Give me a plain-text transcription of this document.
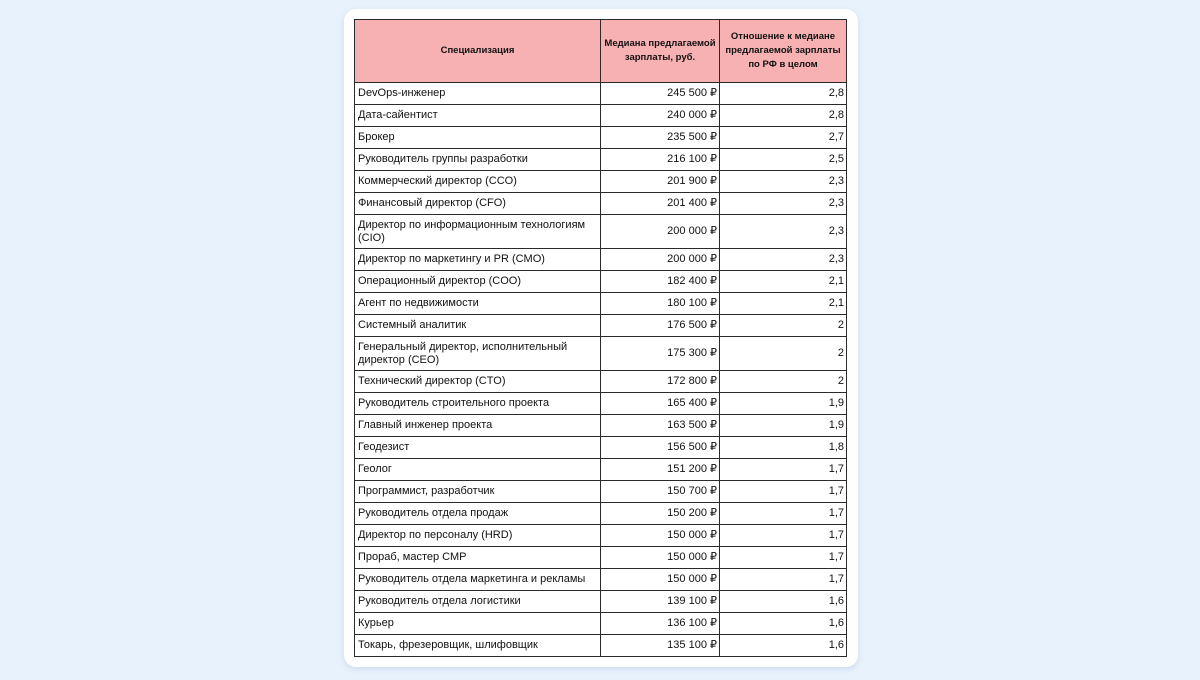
Специализация	Медиана предлагаемой зарплаты, руб.	Отношение к медиане предлагаемой зарплаты по РФ в целом
DevOps-инженер	245 500 ₽	2,8
Дата-сайентист	240 000 ₽	2,8
Брокер	235 500 ₽	2,7
Руководитель группы разработки	216 100 ₽	2,5
Коммерческий директор (CCO)	201 900 ₽	2,3
Финансовый директор (CFO)	201 400 ₽	2,3
Директор по информационным технологиям (CIO)	200 000 ₽	2,3
Директор по маркетингу и PR (CMO)	200 000 ₽	2,3
Операционный директор (COO)	182 400 ₽	2,1
Агент по недвижимости	180 100 ₽	2,1
Системный аналитик	176 500 ₽	2
Генеральный директор, исполнительный директор (CEO)	175 300 ₽	2
Технический директор (CTO)	172 800 ₽	2
Руководитель строительного проекта	165 400 ₽	1,9
Главный инженер проекта	163 500 ₽	1,9
Геодезист	156 500 ₽	1,8
Геолог	151 200 ₽	1,7
Программист, разработчик	150 700 ₽	1,7
Руководитель отдела продаж	150 200 ₽	1,7
Директор по персоналу (HRD)	150 000 ₽	1,7
Прораб, мастер СМР	150 000 ₽	1,7
Руководитель отдела маркетинга и рекламы	150 000 ₽	1,7
Руководитель отдела логистики	139 100 ₽	1,6
Курьер	136 100 ₽	1,6
Токарь, фрезеровщик, шлифовщик	135 100 ₽	1,6
